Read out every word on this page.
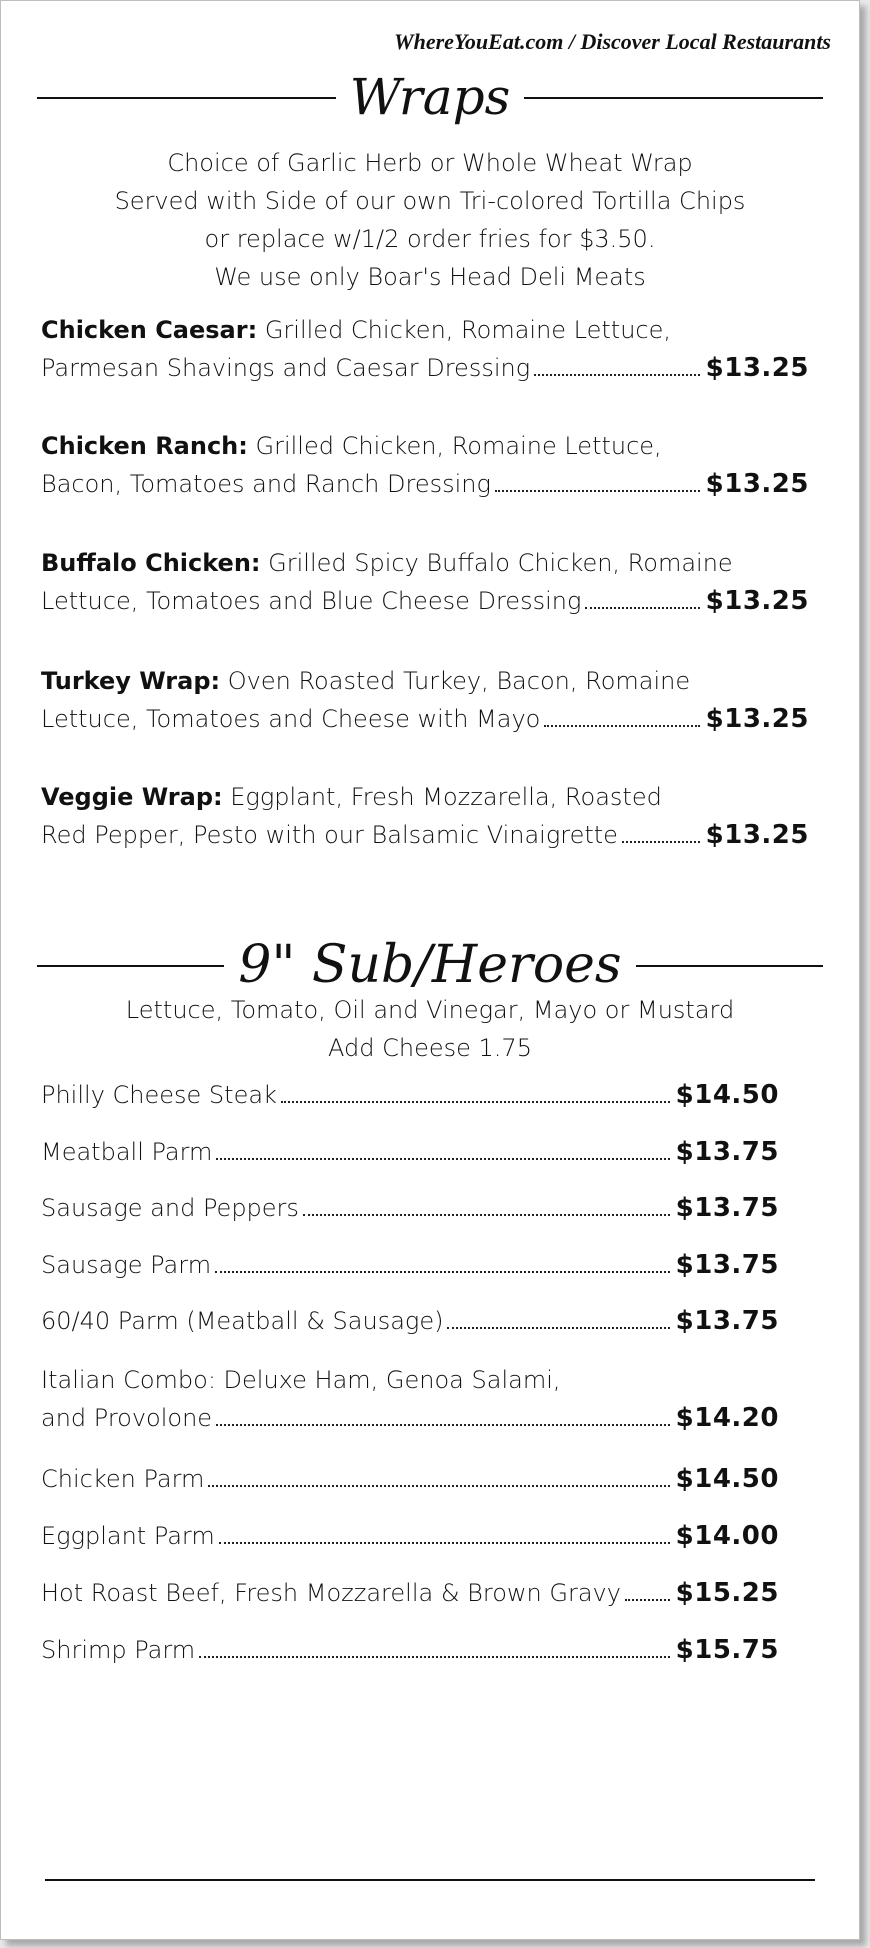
WhereYouEat.com / Discover Local Restaurants
Wraps
Choice of Garlic Herb or Whole Wheat Wrap
Served with Side of our own Tri-colored Tortilla Chips
or replace w/1/2 order fries for $3.50.
We use only Boar's Head Deli Meats
Chicken Caesar: Grilled Chicken, Romaine Lettuce,
Parmesan Shavings and Caesar Dressing	$13.25
Chicken Ranch: Grilled Chicken, Romaine Lettuce,
Bacon, Tomatoes and Ranch Dressing	$13.25
Buffalo Chicken: Grilled Spicy Buffalo Chicken, Romaine
Lettuce, Tomatoes and Blue Cheese Dressing	$13.25
Turkey Wrap: Oven Roasted Turkey, Bacon, Romaine
Lettuce, Tomatoes and Cheese with Mayo	$13.25
Veggie Wrap: Eggplant, Fresh Mozzarella, Roasted
Red Pepper, Pesto with our Balsamic Vinaigrette	$13.25
9" Sub/Heroes
Lettuce, Tomato, Oil and Vinegar, Mayo or Mustard
Add Cheese 1.75
Philly Cheese Steak	$14.50
Meatball Parm	$13.75
Sausage and Peppers	$13.75
Sausage Parm	$13.75
60/40 Parm (Meatball & Sausage)	$13.75
Italian Combo: Deluxe Ham, Genoa Salami,
and Provolone	$14.20
Chicken Parm	$14.50
Eggplant Parm	$14.00
Hot Roast Beef, Fresh Mozzarella & Brown Gravy $15.25
Shrimp Parm	$15.75
